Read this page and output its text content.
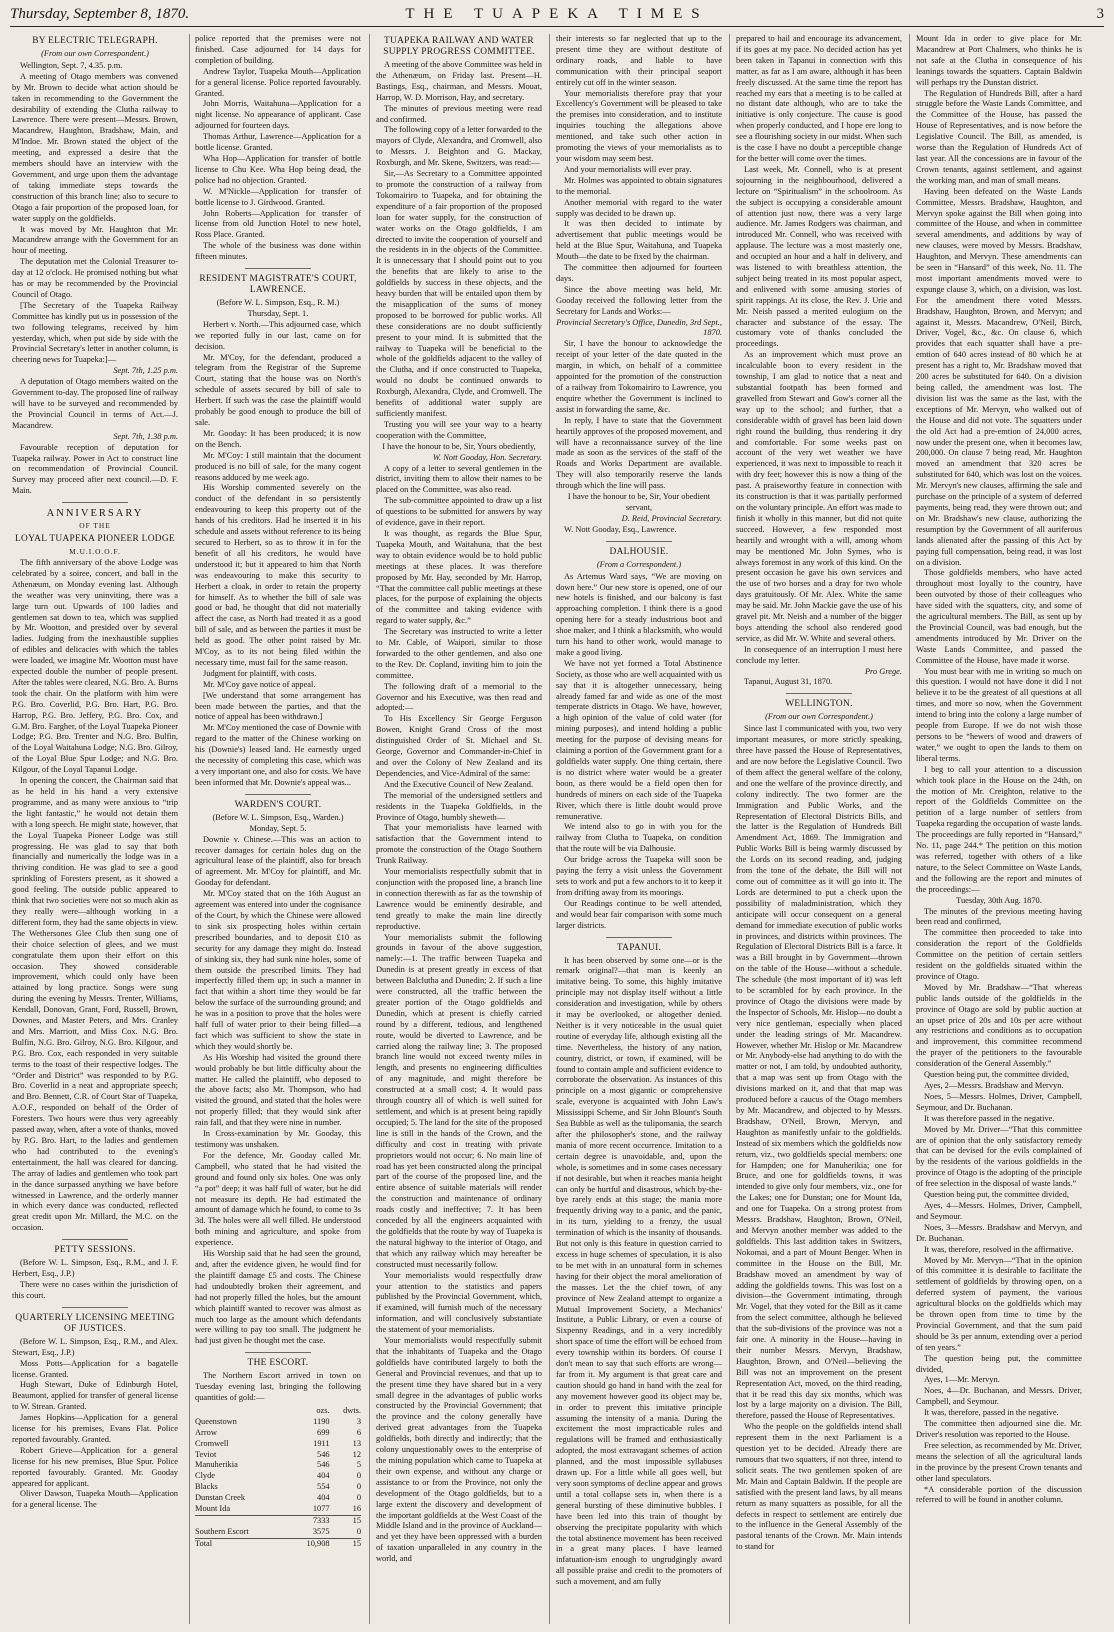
Thursday, September 8, 1870.	THE TUAPEKA TIMES	3
BY ELECTRIC TELEGRAPH.
(From our own Correspondent.)

Wellington, Sept. 7, 4.35. p.m.

A meeting of Otago members was convened by Mr. Brown to decide what action should be taken in recommending to the Government the desirability of extending the Clutha railway to Lawrence. There were present—Messrs. Brown, Macandrew, Haughton, Bradshaw, Main, and M'Indoe. Mr. Brown stated the object of the meeting, and expressed a desire that the members should have an interview with the Government, and urge upon them the advantage of taking immediate steps towards the construction of this branch line; also to secure to Otago a fair proportion of the proposed loan, for water supply on the goldfields.

It was moved by Mr. Haughton that Mr. Macandrew arrange with the Government for an hour of meeting.

The deputation met the Colonial Treasurer to-day at 12 o'clock. He promised nothing but what has or may be recommended by the Provincial Council of Otago.

[The Secretary of the Tuapeka Railway Committee has kindly put us in possession of the two following telegrams, received by him yesterday, which, when put side by side with the Provincial Secretary's letter in another column, is cheering news for Tuapeka:]—

Sept. 7th, 1.25 p.m.

A deputation of Otago members waited on the Government to-day. The proposed line of railway will have to be surveyed and recommended by the Provincial Council in terms of Act.—J. Macandrew.

Sept. 7th, 1.38 p.m.

Favourable reception of deputation for Tuapeka railway. Power in Act to construct line on recommendation of Provincial Council. Survey may proceed after next council.—D. F. Main.

ANNIVERSARY
OF THE
LOYAL TUAPEKA PIONEER LODGE
M.U.I.O.O.F.

The fifth anniversary of the above Lodge was celebrated by a soiree, concert, and ball in the Athenæum, on Monday evening last. Although the weather was very uninviting, there was a large turn out. Upwards of 100 ladies and gentlemen sat down to tea, which was supplied by Mr. Wootton, and presided over by several ladies. Judging from the inexhaustible supplies of edibles and delicacies with which the tables were loaded, we imagine Mr. Wootton must have expected double the number of people present. After the tables were cleared, N.G. Bro. A. Burns took the chair. On the platform with him were P.G. Bro. Coverlid, P.G. Bro. Hart, P.G. Bro. Harrop, P.G. Bro. Jeffery, P.G. Bro. Cox, and G.M. Bro. Fargher, of the Loyal Tuapeka Pioneer Lodge; P.G. Bro. Trenter and N.G. Bro. Bulfin, of the Loyal Waitahuna Lodge; N.G. Bro. Gilroy, of the Loyal Blue Spur Lodge; and N.G. Bro. Kilgour, of the Loyal Tapanui Lodge.

In opening the concert, the Chairman said that as he held in his hand a very extensive programme, and as many were anxious to “trip the light fantastic,” he would not detain them with a long speech. He might state, however, that the Loyal Tuapeka Pioneer Lodge was still progressing. He was glad to say that both financially and numerically the lodge was in a thriving condition. He was glad to see a good sprinkling of Foresters present, as it showed a good feeling. The outside public appeared to think that two societies were not so much akin as they really were—although working in a different form, they had the same objects in view. The Wethersones Glee Club then sung one of their choice selection of glees, and we must congratulate them upon their effort on this occasion. They showed considerable improvement, which could only have been attained by long practice. Songs were sung during the evening by Messrs. Trenter, Williams, Kendall, Donovan, Grant, Ford, Russell, Brown, Downes, and Master Peters, and Mrs. Cranley and Mrs. Marriott, and Miss Cox. N.G. Bro. Bulfin, N.G. Bro. Gilroy, N.G. Bro. Kilgour, and P.G. Bro. Cox, each responded in very suitable terms to the toast of their respective lodges. The “Order and District” was responded to by P.G. Bro. Coverlid in a neat and appropriate speech; and Bro. Bennett, C.R. of Court Star of Tuapeka, A.O.F., responded on behalf of the Order of Foresters. Two hours were thus very agreeably passed away, when, after a vote of thanks, moved by P.G. Bro. Hart, to the ladies and gentlemen who had contributed to the evening's entertainment, the hall was cleared for dancing. The array of ladies and gentlemen who took part in the dance surpassed anything we have before witnessed in Lawrence, and the orderly manner in which every dance was conducted, reflected great credit upon Mr. Millard, the M.C. on the occasion.

PETTY SESSIONS.

(Before W. L. Simpson, Esq., R.M., and J. F. Herbert, Esq., J.P.)

There were no cases within the jurisdiction of this court.

QUARTERLY LICENSING MEETING OF JUSTICES.

(Before W. L. Simpson, Esq., R.M., and Alex. Stewart, Esq., J.P.)

Moss Potts—Application for a bagatelle license. Granted.

Hugh Stewart, Duke of Edinburgh Hotel, Beaumont, applied for transfer of general license to W. Strean. Granted.

James Hopkins—Application for a general license for his premises, Evans Flat. Police reported favourably. Granted.

Robert Grieve—Application for a general license for his new premises, Blue Spur. Police reported favourably. Granted. Mr. Gooday appeared for applicant.

Oliver Dawson, Tuapeka Mouth—Application for a general license. The

police reported that the premises were not finished. Case adjourned for 14 days for completion of building.

Andrew Taylor, Tuapeka Mouth—Application for a general license. Police reported favourably. Granted.

John Morris, Waitahuna—Application for a night license. No appearance of applicant. Case adjourned for fourteen days.

Thomas Arthur, Lawrence—Application for a bottle license. Granted.

Wha Hop—Application for transfer of bottle license to Chu Kee. Wha Hop being dead, the police had no objection. Granted.

W. M'Nickle—Application for transfer of bottle license to J. Girdwood. Granted.

John Roberts—Application for transfer of license from old Junction Hotel to new hotel, Ross Place. Granted.

The whole of the business was done within fifteen minutes.

RESIDENT MAGISTRATE'S COURT, LAWRENCE.

(Before W. L. Simpson, Esq., R. M.)

Thursday, Sept. 1.

Herbert v. North.—This adjourned case, which we reported fully in our last, came on for decision.

Mr. M'Coy, for the defendant, produced a telegram from the Registrar of the Supreme Court, stating that the house was on North's schedule of assets secured by bill of sale to Herbert. If such was the case the plaintiff would probably be good enough to produce the bill of sale.

Mr. Gooday: It has been produced; it is now on the Bench.

Mr. M'Coy: I still maintain that the document produced is no bill of sale, for the many cogent reasons adduced by me week ago.

His Worship commented severely on the conduct of the defendant in so persistently endeavouring to keep this property out of the hands of his creditors. Had he inserted it in his schedule and assets without reference to its being secured to Herbert, so as to throw it in for the benefit of all his creditors, he would have understood it; but it appeared to him that North was endeavouring to make this security to Herbert a cloak, in order to retain the property for himself. As to whether the bill of sale was good or bad, he thought that did not materially affect the case, as North had treated it as a good bill of sale, and as between the parties it must be held as good. The other point raised by Mr. M'Coy, as to its not being filed within the necessary time, must fail for the same reason.

Judgment for plaintiff, with costs.

Mr. M'Coy gave notice of appeal.

[We understand that some arrangement has been made between the parties, and that the notice of appeal has been withdrawn.]

Mr. M'Coy mentioned the case of Downie with regard to the matter of the Chinese working on his (Downie's) leased land. He earnestly urged the necessity of completing this case, which was a very important one, and also for costs. We have been informed that Mr. Downie's appeal was...

WARDEN'S COURT.

(Before W. L. Simpson, Esq., Warden.)

Monday, Sept. 5.

Downie v. Chinese.—This was an action to recover damages for certain holes dug on the agricultural lease of the plaintiff, also for breach of agreement. Mr. M'Coy for plaintiff, and Mr. Gooday for defendant.

Mr. M'Coy stated that on the 16th August an agreement was entered into under the cognisance of the Court, by which the Chinese were allowed to sink six prospecting holes within certain prescribed boundaries, and to deposit £10 as security for any damage they might do. Instead of sinking six, they had sunk nine holes, some of them outside the prescribed limits. They had imperfectly filled them up; in such a manner in fact that within a short time they would be far below the surface of the surrounding ground; and he was in a position to prove that the holes were half full of water prior to their being filled—a fact which was sufficient to show the state in which they would shortly be.

As His Worship had visited the ground there would probably be but little difficulty about the matter. He called the plaintiff, who deposed to the above facts; also Mr. Thompson, who had visited the ground, and stated that the holes were not properly filled; that they would sink after rain fall, and that they were nine in number.

In Cross-examination by Mr. Gooday, this testimony was unshaken.

For the defence, Mr. Gooday called Mr. Campbell, who stated that he had visited the ground and found only six holes. One was only “a pot” deep; it was half full of water, but he did not measure its depth. He had estimated the amount of damage which he found, to come to 3s 3d. The holes were all well filled. He understood both mining and agriculture, and spoke from experience.

His Worship said that he had seen the ground, and, after the evidence given, he would find for the plaintiff damage £5 and costs. The Chinese had undoubtedly broken their agreement, and had not properly filled the holes, but the amount which plaintiff wanted to recover was almost as much too large as the amount which defendants were willing to pay too small. The judgment he had just given he thought met the case.

THE ESCORT.

The Northern Escort arrived in town on Tuesday evening last, bringing the following quantities of gold:—

	ozs.	dwts.
Queenstown	1190	3
Arrow	699	6
Cromwell	1911	13
Teviot	546	12
Manuherikia	546	5
Clyde	404	0
Blacks	554	0
Dunstan Creek	404	0
Mount Ida	1077	16
	7333	15
Southern Escort	3575	0
Total	10,908	15
TUAPEKA RAILWAY AND WATER SUPPLY PROGRESS COMMITTEE.

A meeting of the above Committee was held in the Athenæum, on Friday last. Present—H. Bastings, Esq., chairman, and Messrs. Mouat, Harrop, W. D. Morrison, Hay, and secretary.

The minutes of previous meeting were read and confirmed.

The following copy of a letter forwarded to the mayors of Clyde, Alexandra, and Cromwell, also to Messrs. J. Beighton and G. Mackay, Roxburgh, and Mr. Skene, Switzers, was read:—

Sir,—As Secretary to a Committee appointed to promote the construction of a railway from Tokomairiro to Tuapeka, and for obtaining the expenditure of a fair proportion of the proposed loan for water supply, for the construction of water works on the Otago goldfields, I am directed to invite the cooperation of yourself and the residents in in the objects of the Committee. It is unnecessary that I should point out to you the benefits that are likely to arise to the goldfields by success in these objects, and the heavy burden that will be entailed upon them by the misapplication of the sums of money proposed to be borrowed for public works. All these considerations are no doubt sufficiently present to your mind. It is submitted that the railway to Tuapeka will be beneficial to the whole of the goldfields adjacent to the valley of the Clutha, and if once constructed to Tuapeka, would no doubt be continued onwards to Roxburgh, Alexandra, Clyde, and Cromwell. The benefits of additional water supply are sufficiently manifest.

Trusting you will see your way to a hearty cooperation with the Committee,

I have the honour to be, Sir, Yours obediently,

W. Nott Gooday, Hon. Secretary.

A copy of a letter to several gentlemen in the district, inviting them to allow their names to be placed on the Committee, was also read.

The sub-committee appointed to draw up a list of questions to be submitted for answers by way of evidence, gave in their report.

It was thought, as regards the Blue Spur, Tuapeka Mouth, and Waitahuna, that the best way to obtain evidence would be to hold public meetings at these places. It was therefore proposed by Mr. Hay, seconded by Mr. Harrop, “That the committee call public meetings at these places, for the purpose of explaining the objects of the committee and taking evidence with regard to water supply, &c.”

The Secretary was instructed to write a letter to Mr. Cable, of Waipori, similar to those forwarded to the other gentlemen, and also one to the Rev. Dr. Copland, inviting him to join the committee.

The following draft of a memorial to the Governor and his Executive, was then read and adopted:—

To His Excellency Sir George Ferguson Bowen, Knight Grand Cross of the most distinguished Order of St. Michael and St. George, Governor and Commander-in-Chief in and over the Colony of New Zealand and its Dependencies, and Vice-Admiral of the same:

And the Executive Council of New Zealand.

The memorial of the undersigned settlers and residents in the Tuapeka Goldfields, in the Province of Otago, humbly sheweth—

That your memorialists have learned with satisfaction that the Government intend to promote the construction of the Otago Southern Trunk Railway.

Your memorialists respectfully submit that in conjunction with the proposed line, a branch line in connection therewith as far as the township of Lawrence would be eminently desirable, and tend greatly to make the main line directly reproductive.

Your memorialists submit the following grounds in favour of the above suggestion, namely:—1. The traffic between Tuapeka and Dunedin is at present greatly in excess of that between Balclutha and Dunedin; 2. If such a line were constructed, all the traffic between the greater portion of the Otago goldfields and Dunedin, which at present is chiefly carried round by a different, tedious, and lengthened route, would be diverted to Lawrence, and be carried along the railway line; 3. The proposed branch line would not exceed twenty miles in length, and presents no engineering difficulties of any magnitude, and might therefore be constructed at a small cost; 4. It would pass through country all of which is well suited for settlement, and which is at present being rapidly occupied; 5. The land for the site of the proposed line is still in the hands of the Crown, and the difficulty and cost in treating with private proprietors would not occur; 6. No main line of road has yet been constructed along the principal part of the course of the proposed line, and the entire absence of suitable materials will render the construction and maintenance of ordinary roads costly and ineffective; 7. It has been conceded by all the engineers acquainted with the goldfields that the route by way of Tuapeka is the natural highway to the interior of Otago, and that which any railway which may hereafter be constructed must necessarily follow.

Your memorialists would respectfully draw your attention to the statistics and papers published by the Provincial Government, which, if examined, will furnish much of the necessary information, and will conclusively substantiate the statement of your memorialists.

Your memorialists would respectfully submit that the inhabitants of Tuapeka and the Otago goldfields have contributed largely to both the General and Provincial revenues, and that up to the present time they have shared but in a very small degree in the advantages of public works constructed by the Provincial Government; that the province and the colony generally have derived great advantages from the Tuapeka goldfields, both directly and indirectly; that the colony unquestionably owes to the enterprise of the mining population which came to Tuapeka at their own expense, and without any charge or assistance to or from the Province, not only the development of the Otago goldfields, but to a large extent the discovery and development of the important goldfields at the West Coast of the Middle Island and in the province of Auckland—and yet they have been oppressed with a burden of taxation unparalleled in any country in the world, and

their interests so far neglected that up to the present time they are without destitute of ordinary roads, and liable to have communication with their principal seaport entirely cut off in the winter season.

Your memorialists therefore pray that your Excellency's Government will be pleased to take the premises into consideration, and to institute inquiries touching the allegations above mentioned, and take such other action in promoting the views of your memorialists as to your wisdom may seem best.

And your memorialists will ever pray.

Mr. Holmes was appointed to obtain signatures to the memorial.

Another memorial with regard to the water supply was decided to be drawn up.

It was then decided to intimate by advertisement that public meetings would be held at the Blue Spur, Waitahuna, and Tuapeka Mouth—the date to be fixed by the chairman.

The committee then adjourned for fourteen days.

Since the above meeting was held, Mr. Gooday received the following letter from the Secretary for Lands and Works:—

Provincial Secretary's Office, Dunedin, 3rd Sept., 1870.

Sir, I have the honour to acknowledge the receipt of your letter of the date quoted in the margin, in which, on behalf of a committee appointed for the promotion of the construction of a railway from Tokomairiro to Lawrence, you enquire whether the Government is inclined to assist in forwarding the same, &c.

In reply, I have to state that the Government heartily approves of the proposed movement, and will have a reconnaissance survey of the line made as soon as the services of the staff of the Roads and Works Department are available. They will also temporarily reserve the lands through which the line will pass.

I have the honour to be, Sir, Your obedient servant,

D. Reid, Provincial Secretary.

W. Nott Gooday, Esq., Lawrence.

DALHOUSIE.
(From a Correspondent.)

As Artemus Ward says, “We are moving on down here.” Our new store is opened, one of our new hotels is finished, and our balcony is fast approaching completion. I think there is a good opening here for a steady industrious boot and shoe maker, and I think a blacksmith, who would turn his hand to other work, would manage to make a good living.

We have not yet formed a Total Abstinence Society, as those who are well acquainted with us say that it is altogether unnecessary, being already famed far and wide as one of the most temperate districts in Otago. We have, however, a high opinion of the value of cold water (for mining purposes), and intend holding a public meeting for the purpose of devising means for claiming a portion of the Government grant for a goldfields water supply. One thing certain, there is no district where water would be a greater boon, as there would be a field open then for hundreds of miners on each side of the Tuapeka River, which there is little doubt would prove remunerative.

We intend also to go in with you for the railway from Clutha to Tuapeka, on condition that the route will be via Dalhousie.

Our bridge across the Tuapeka will soon be paying the ferry a visit unless the Government sets to work and put a few anchors to it to keep it from drifting away from its moorings.

Our Readings continue to be well attended, and would bear fair comparison with some much larger districts.

TAPANUI.

It has been observed by some one—or is the remark original?—that man is keenly an imitative being. To some, this highly imitative principle may not display itself without a little consideration and investigation, while by others it may be overlooked, or altogether denied. Neither is it very noticeable in the usual quiet routine of everyday life, although existing all the time. Nevertheless, the history of any nation, country, district, or town, if examined, will be found to contain ample and sufficient evidence to corroborate the observation. As instances of this principle on a most gigantic or comprehensive scale, everyone is acquainted with John Law's Mississippi Scheme, and Sir John Blount's South Sea Bubble as well as the tulipomania, the search after the philosopher's stone, and the railway mania of more recent occurrence. Imitation to a certain degree is unavoidable, and, upon the whole, is sometimes and in some cases necessary if not desirable, but when it reaches mania height can only be hurtful and disastrous, which by-the-bye rarely ends at this stage; the mania more frequently driving way to a panic, and the panic, in its turn, yielding to a frenzy, the usual termination of which is the insanity of thousands. But not only is this feature in question carried to excess in huge schemes of speculation, it is also to be met with in an unnatural form in schemes having for their object the moral amelioration of the masses. Let the the chief town, of any province of New Zealand attempt to organize a Mutual Improvement Society, a Mechanics' Institute, a Public Library, or even a course of Sixpenny Readings, and in a very incredibly short space of time the effort will be echoed from every township within its borders. Of course I don't mean to say that such efforts are wrong—far from it. My argument is that great care and caution should go hand in hand with the zeal for any movement however good its object may be, in order to prevent this imitative principle assuming the intensity of a mania. During the excitement the most impracticable rules and regulations will be framed and enthusiastically adopted, the most extravagant schemes of action planned, and the most impossible syllabuses drawn up. For a little while all goes well, but very soon symptoms of decline appear and grows until a total collapse sets in, when there is a general bursting of these diminutive bubbles. I have been led into this train of thought by observing the precipitate popularity with which the total abstinence movement has been received in a great many places. I have learned infatuation-ism enough to ungrudgingly award all possible praise and credit to the promoters of such a movement, and am fully

prepared to hail and encourage its advancement, if its goes at my pace. No decided action has yet been taken in Tapanui in connection with this matter, as far as I am aware, although it has been freely discussed. At the same time the report has reached my ears that a meeting is to be called at no distant date although, who are to take the initiative is only conjecture. The cause is good when properly conducted, and I hope ere long to see a flourishing society in our midst. When such is the case I have no doubt a perceptible change for the better will come over the times.

Last week, Mr. Connell, who is at present sojourning in the neighbourhood, delivered a lecture on “Spiritualism” in the schoolroom. As the subject is occupying a considerable amount of attention just now, there was a very large audience. Mr. James Rodgers was chairman, and introduced Mr. Connell, who was received with applause. The lecture was a most masterly one, and occupied an hour and a half in delivery, and was listened to with breathless attention, the subject being treated in its most popular aspect, and enlivened with some amusing stories of spirit rappings. At its close, the Rev. J. Urie and Mr. Neish passed a merited eulogium on the character and substance of the essay. The customary vote of thanks concluded the proceedings.

As an improvement which must prove an incalculable boon to every resident in the township, I am glad to notice that a neat and substantial footpath has been formed and gravelled from Stewart and Gow's corner all the way up to the school; and further, that a considerable width of gravel has been laid down right round the building, thus rendering it dry and comfortable. For some weeks past on account of the very wet weather we have experienced, it was next to impossible to reach it with dry feet; however this is now a thing of the past. A praiseworthy feature in connection with its construction is that it was partially performed on the voluntary principle. An effort was made to finish it wholly in this manner, but did not quite succeed. However, a few responded most heartily and wrought with a will, among whom may be mentioned Mr. John Symes, who is always foremost in any work of this kind. On the present occasion he gave his own services and the use of two horses and a dray for two whole days gratuitously. Of Mr. Alex. White the same may be said. Mr. John Mackie gave the use of his gravel pit. Mr. Neish and a number of the bigger boys attending the school also rendered good service, as did Mr. W. White and several others.

In consequence of an interruption I must here conclude my letter.

Pro Grege.

Tapanui, August 31, 1870.

WELLINGTON.
(From our own Correspondent.)

Since last I communicated with you, two very important measures, or more strictly speaking, three have passed the House of Representatives, and are now before the Legislative Council. Two of them affect the general welfare of the colony, and one the welfare of the province directly, and colony indirectly. The two former are the Immigration and Public Works, and the Representation of Electoral Districts Bills, and the latter is the Regulation of Hundreds Bill Amendment Act, 1869. The Immigration and Public Works Bill is being warmly discussed by the Lords on its second reading, and, judging from the tone of the debate, the Bill will not come out of committee as it will go into it. The Lords are determined to put a check upon the possibility of maladministration, which they anticipate will occur consequent on a general demand for immediate execution of public works in provinces, and districts within provinces. The Regulation of Electoral Districts Bill is a farce. It was a Bill brought in by Government—thrown on the table of the House—without a schedule. The schedule (the most important of it) was left to be scrambled for by each province. In the province of Otago the divisions were made by the Inspector of Schools, Mr. Hislop—no doubt a very nice gentleman, especially when placed under the leading strings of Mr. Macandrew. However, whether Mr. Hislop or Mr. Macandrew or Mr. Anybody-else had anything to do with the matter or not, I am told, by undoubted authority, that a map was sent up from Otago with the divisions marked on it, and that that map was produced before a caucus of the Otago members by Mr. Macandrew, and objected to by Messrs. Bradshaw, O'Neil, Brown, Mervyn, and Haughton as manifestly unfair to the goldfields. Instead of six members which the goldfields now return, viz., two goldfields special members: one for Hampden; one for Manuherikia; one for Bruce, and one for goldfields towns, it was intended to give only four members, viz., one for the Lakes; one for Dunstan; one for Mount Ida, and one for Tuapeka. On a strong protest from Messrs. Bradshaw, Haughton, Brown, O'Neil, and Mervyn another member was added to the goldfields. This last addition takes in Switzers, Nokomai, and a part of Mount Benger. When in committee in the House on the Bill, Mr. Bradshaw moved an amendment by way of adding the goldfields towns. This was lost on a division—the Government intimating, through Mr. Vogel, that they voted for the Bill as it came from the select committee, although he believed that the sub-divisions of the province was not a fair one. A minority in the House—having in their number Messrs. Mervyn, Bradshaw, Haughton, Brown, and O'Neil—believing the Bill was not an improvement on the present Representation Act, moved, on the third reading, that it be read this day six months, which was lost by a large majority on a division. The Bill, therefore, passed the House of Representatives.

Who the people on the goldfields intend shall represent them in the next Parliament is a question yet to be decided. Already there are rumours that two squatters, if not three, intend to solicit seats. The two gentlemen spoken of are Mr. Main and Captain Baldwin. If the people are satisfied with the present land laws, by all means return as many squatters as possible, for all the defects in respect to settlement are entirely due to the influence in the General Assembly of the pastoral tenants of the Crown. Mr. Main intends to stand for

Mount Ida in order to give place for Mr. Macandrew at Port Chalmers, who thinks he is not safe at the Clutha in consequence of his leanings towards the squatters. Captain Baldwin will perhaps try the Dunstan district.

The Regulation of Hundreds Bill, after a hard struggle before the Waste Lands Committee, and the Committee of the House, has passed the House of Representatives, and is now before the Legislative Council. The Bill, as amended, is worse than the Regulation of Hundreds Act of last year. All the concessions are in favour of the Crown tenants, against settlement, and against the working man, and man of small means.

Having been defeated on the Waste Lands Committee, Messrs. Bradshaw, Haughton, and Mervyn spoke against the Bill when going into committee of the House, and when in committee several amendments, and additions by way of new clauses, were moved by Messrs. Bradshaw, Haughton, and Mervyn. These amendments can be seen in “Hansard” of this week, No. 11. The most important amendments moved were to expunge clause 3, which, on a division, was lost. For the amendment there voted Messrs. Bradshaw, Haughton, Brown, and Mervyn; and against it, Messrs. Macandrew, O'Neil, Birch, Driver, Vogel, &c., &c. On clause 6, which provides that each squatter shall have a pre-emtion of 640 acres instead of 80 which he at present has a right to, Mr. Bradshaw moved that 200 acres be substituted for 640. On a division being called, the amendment was lost. The division list was the same as the last, with the exceptions of Mr. Mervyn, who walked out of the House and did not vote. The squatters under the old Act had a pre-emtion of 24,000 acres, now under the present one, when it becomes law, 200,000. On clause 7 being read, Mr. Haughton moved an amendment that 320 acres be substituted for 640, which was lost on the voices. Mr. Mervyn's new clauses, affirming the sale and purchase on the principle of a system of deferred payments, being read, they were thrown out; and on Mr. Bradshaw's new clause, authorizing the resumption by the Government of all auriferous lands alienated after the passing of this Act by paying full compensation, being read, it was lost on a division.

Those goldfields members, who have acted throughout most loyally to the country, have been outvoted by those of their colleagues who have sided with the squatters, city, and some of the agricultural members. The Bill, as sent up by the Provincial Council, was bad enough, but the amendments introduced by Mr. Driver on the Waste Lands Committee, and passed the Committee of the House, have made it worse.

You must bear with me in writing so much on this question. I would not have done it did I not believe it to be the greatest of all questions at all times, and more so now, when the Government intend to bring into the colony a large number of people from Europe. If we do not wish those persons to be “hewers of wood and drawers of water,” we ought to open the lands to them on liberal terms.

I beg to call your attention to a discussion which took place in the House on the 24th, on the motion of Mr. Creighton, relative to the report of the Goldfields Committee on the petition of a large number of settlers from Tuapeka regarding the occupation of waste lands. The proceedings are fully reported in “Hansard,” No. 11, page 244.* The petition on this motion was referred, together with others of a like nature, to the Select Committee on Waste Lands, and the following are the report and minutes of the proceedings:—

Tuesday, 30th Aug. 1870.

The minutes of the previous meeting having been read and confirmed,

The committee then proceeded to take into consideration the report of the Goldfields Committee on the petition of certain settlers resident on the goldfields situated within the province of Otago.

Moved by Mr. Bradshaw—“That whereas public lands outside of the goldfields in the province of Otago are sold by public auction at an upset price of 20s and 10s per acre without any restrictions and conditions as to occupation and improvement, this committee recommend the prayer of the petitioners to the favourable consideration of the General Assembly.”

Question being put, the committee divided,

Ayes, 2—Messrs. Bradshaw and Mervyn.

Noes, 5—Messrs. Holmes, Driver, Campbell, Seymour, and Dr. Buchanan.

It was therefore passed in the negative.

Moved by Mr. Driver—“That this committee are of opinion that the only satisfactory remedy that can be devised for the evils complained of by the residents of the various goldfields in the province of Otago is the adopting of the principle of free selection in the disposal of waste lands.”

Question being put, the committee divided,

Ayes, 4—Messrs. Holmes, Driver, Campbell, and Seymour.

Noes, 3—Messrs. Bradshaw and Mervyn, and Dr. Buchanan.

It was, therefore, resolved in the affirmative.

Moved by Mr. Mervyn—“That in the opinion of this committee it is desirable to facilitate the settlement of goldfields by throwing open, on a deferred system of payment, the various agricultural blocks on the goldfields which may be thrown open from time to time by the Provincial Government, and that the sum paid should be 3s per annum, extending over a period of ten years.”

The question being put, the committee divided,

Ayes, 1—Mr. Mervyn.

Noes, 4—Dr. Buchanan, and Messrs. Driver, Campbell, and Seymour.

It was, therefore, passed in the negative.

The committee then adjourned sine die. Mr. Driver's resolution was reported to the House.

Free selection, as recommended by Mr. Driver, means the selection of all the agricultural lands in the province by the present Crown tenants and other land speculators.

*A considerable portion of the discussion referred to will be found in another column.
